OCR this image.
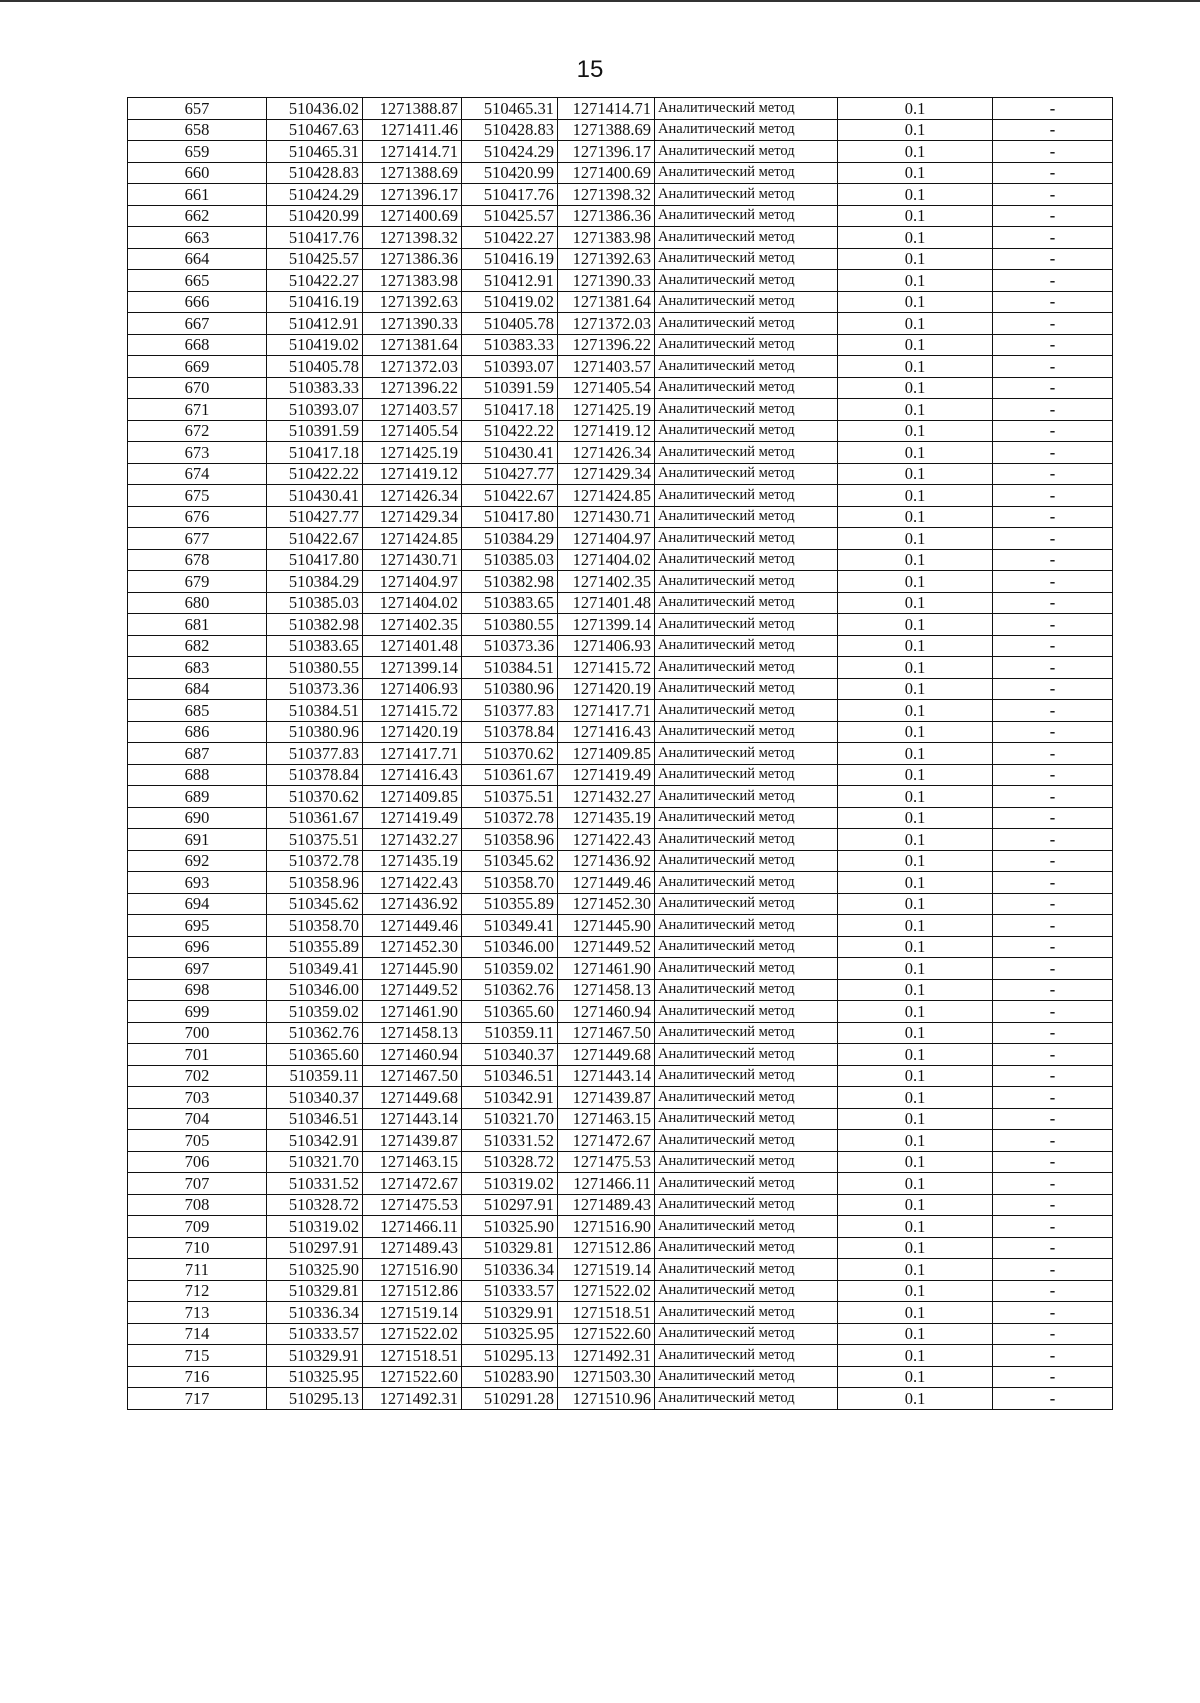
15
657	510436.02	1271388.87	510465.31	1271414.71	Аналитический метод	0.1	-
658	510467.63	1271411.46	510428.83	1271388.69	Аналитический метод	0.1	-
659	510465.31	1271414.71	510424.29	1271396.17	Аналитический метод	0.1	-
660	510428.83	1271388.69	510420.99	1271400.69	Аналитический метод	0.1	-
661	510424.29	1271396.17	510417.76	1271398.32	Аналитический метод	0.1	-
662	510420.99	1271400.69	510425.57	1271386.36	Аналитический метод	0.1	-
663	510417.76	1271398.32	510422.27	1271383.98	Аналитический метод	0.1	-
664	510425.57	1271386.36	510416.19	1271392.63	Аналитический метод	0.1	-
665	510422.27	1271383.98	510412.91	1271390.33	Аналитический метод	0.1	-
666	510416.19	1271392.63	510419.02	1271381.64	Аналитический метод	0.1	-
667	510412.91	1271390.33	510405.78	1271372.03	Аналитический метод	0.1	-
668	510419.02	1271381.64	510383.33	1271396.22	Аналитический метод	0.1	-
669	510405.78	1271372.03	510393.07	1271403.57	Аналитический метод	0.1	-
670	510383.33	1271396.22	510391.59	1271405.54	Аналитический метод	0.1	-
671	510393.07	1271403.57	510417.18	1271425.19	Аналитический метод	0.1	-
672	510391.59	1271405.54	510422.22	1271419.12	Аналитический метод	0.1	-
673	510417.18	1271425.19	510430.41	1271426.34	Аналитический метод	0.1	-
674	510422.22	1271419.12	510427.77	1271429.34	Аналитический метод	0.1	-
675	510430.41	1271426.34	510422.67	1271424.85	Аналитический метод	0.1	-
676	510427.77	1271429.34	510417.80	1271430.71	Аналитический метод	0.1	-
677	510422.67	1271424.85	510384.29	1271404.97	Аналитический метод	0.1	-
678	510417.80	1271430.71	510385.03	1271404.02	Аналитический метод	0.1	-
679	510384.29	1271404.97	510382.98	1271402.35	Аналитический метод	0.1	-
680	510385.03	1271404.02	510383.65	1271401.48	Аналитический метод	0.1	-
681	510382.98	1271402.35	510380.55	1271399.14	Аналитический метод	0.1	-
682	510383.65	1271401.48	510373.36	1271406.93	Аналитический метод	0.1	-
683	510380.55	1271399.14	510384.51	1271415.72	Аналитический метод	0.1	-
684	510373.36	1271406.93	510380.96	1271420.19	Аналитический метод	0.1	-
685	510384.51	1271415.72	510377.83	1271417.71	Аналитический метод	0.1	-
686	510380.96	1271420.19	510378.84	1271416.43	Аналитический метод	0.1	-
687	510377.83	1271417.71	510370.62	1271409.85	Аналитический метод	0.1	-
688	510378.84	1271416.43	510361.67	1271419.49	Аналитический метод	0.1	-
689	510370.62	1271409.85	510375.51	1271432.27	Аналитический метод	0.1	-
690	510361.67	1271419.49	510372.78	1271435.19	Аналитический метод	0.1	-
691	510375.51	1271432.27	510358.96	1271422.43	Аналитический метод	0.1	-
692	510372.78	1271435.19	510345.62	1271436.92	Аналитический метод	0.1	-
693	510358.96	1271422.43	510358.70	1271449.46	Аналитический метод	0.1	-
694	510345.62	1271436.92	510355.89	1271452.30	Аналитический метод	0.1	-
695	510358.70	1271449.46	510349.41	1271445.90	Аналитический метод	0.1	-
696	510355.89	1271452.30	510346.00	1271449.52	Аналитический метод	0.1	-
697	510349.41	1271445.90	510359.02	1271461.90	Аналитический метод	0.1	-
698	510346.00	1271449.52	510362.76	1271458.13	Аналитический метод	0.1	-
699	510359.02	1271461.90	510365.60	1271460.94	Аналитический метод	0.1	-
700	510362.76	1271458.13	510359.11	1271467.50	Аналитический метод	0.1	-
701	510365.60	1271460.94	510340.37	1271449.68	Аналитический метод	0.1	-
702	510359.11	1271467.50	510346.51	1271443.14	Аналитический метод	0.1	-
703	510340.37	1271449.68	510342.91	1271439.87	Аналитический метод	0.1	-
704	510346.51	1271443.14	510321.70	1271463.15	Аналитический метод	0.1	-
705	510342.91	1271439.87	510331.52	1271472.67	Аналитический метод	0.1	-
706	510321.70	1271463.15	510328.72	1271475.53	Аналитический метод	0.1	-
707	510331.52	1271472.67	510319.02	1271466.11	Аналитический метод	0.1	-
708	510328.72	1271475.53	510297.91	1271489.43	Аналитический метод	0.1	-
709	510319.02	1271466.11	510325.90	1271516.90	Аналитический метод	0.1	-
710	510297.91	1271489.43	510329.81	1271512.86	Аналитический метод	0.1	-
711	510325.90	1271516.90	510336.34	1271519.14	Аналитический метод	0.1	-
712	510329.81	1271512.86	510333.57	1271522.02	Аналитический метод	0.1	-
713	510336.34	1271519.14	510329.91	1271518.51	Аналитический метод	0.1	-
714	510333.57	1271522.02	510325.95	1271522.60	Аналитический метод	0.1	-
715	510329.91	1271518.51	510295.13	1271492.31	Аналитический метод	0.1	-
716	510325.95	1271522.60	510283.90	1271503.30	Аналитический метод	0.1	-
717	510295.13	1271492.31	510291.28	1271510.96	Аналитический метод	0.1	-
